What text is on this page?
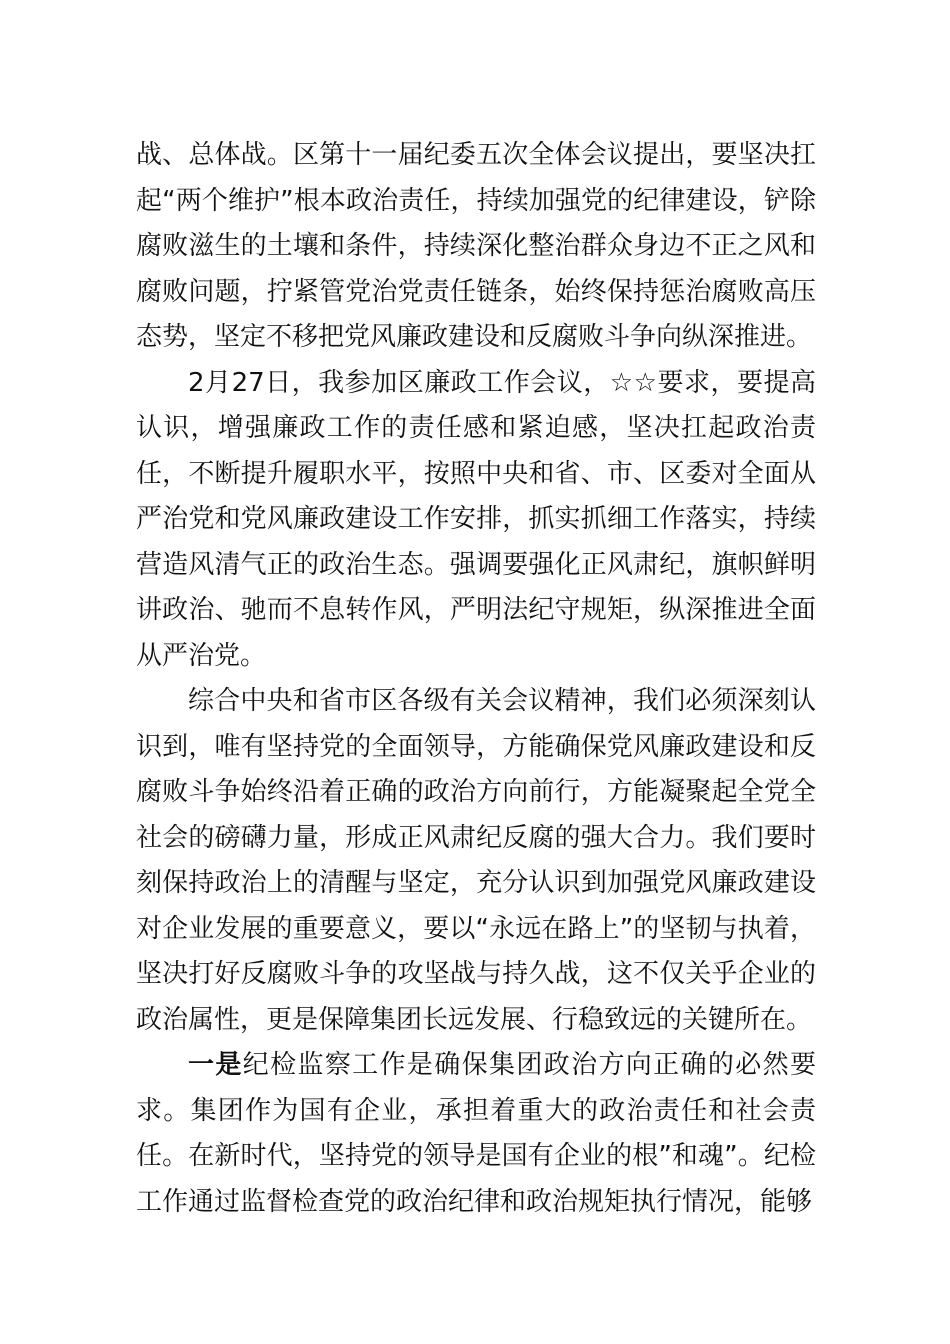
战、总体战。区第十一届纪委五次全体会议提出，要坚决扛起“两个维护”根本政治责任，持续加强党的纪律建设，铲除腐败滋生的土壤和条件，持续深化整治群众身边不正之风和腐败问题，拧紧管党治党责任链条，始终保持惩治腐败高压态势，坚定不移把党风廉政建设和反腐败斗争向纵深推进。

2月27日，我参加区廉政工作会议，☆☆要求，要提高认识，增强廉政工作的责任感和紧迫感，坚决扛起政治责任，不断提升履职水平，按照中央和省、市、区委对全面从严治党和党风廉政建设工作安排，抓实抓细工作落实，持续营造风清气正的政治生态。强调要强化正风肃纪，旗帜鲜明讲政治、驰而不息转作风，严明法纪守规矩，纵深推进全面从严治党。

综合中央和省市区各级有关会议精神，我们必须深刻认识到，唯有坚持党的全面领导，方能确保党风廉政建设和反腐败斗争始终沿着正确的政治方向前行，方能凝聚起全党全社会的磅礴力量，形成正风肃纪反腐的强大合力。我们要时刻保持政治上的清醒与坚定，充分认识到加强党风廉政建设对企业发展的重要意义，要以“永远在路上”的坚韧与执着，坚决打好反腐败斗争的攻坚战与持久战，这不仅关乎企业的政治属性，更是保障集团长远发展、行稳致远的关键所在。

一是纪检监察工作是确保集团政治方向正确的必然要求。集团作为国有企业，承担着重大的政治责任和社会责任。在新时代，坚持党的领导是国有企业的根”和魂”。纪检工作通过监督检查党的政治纪律和政治规矩执行情况，能够
